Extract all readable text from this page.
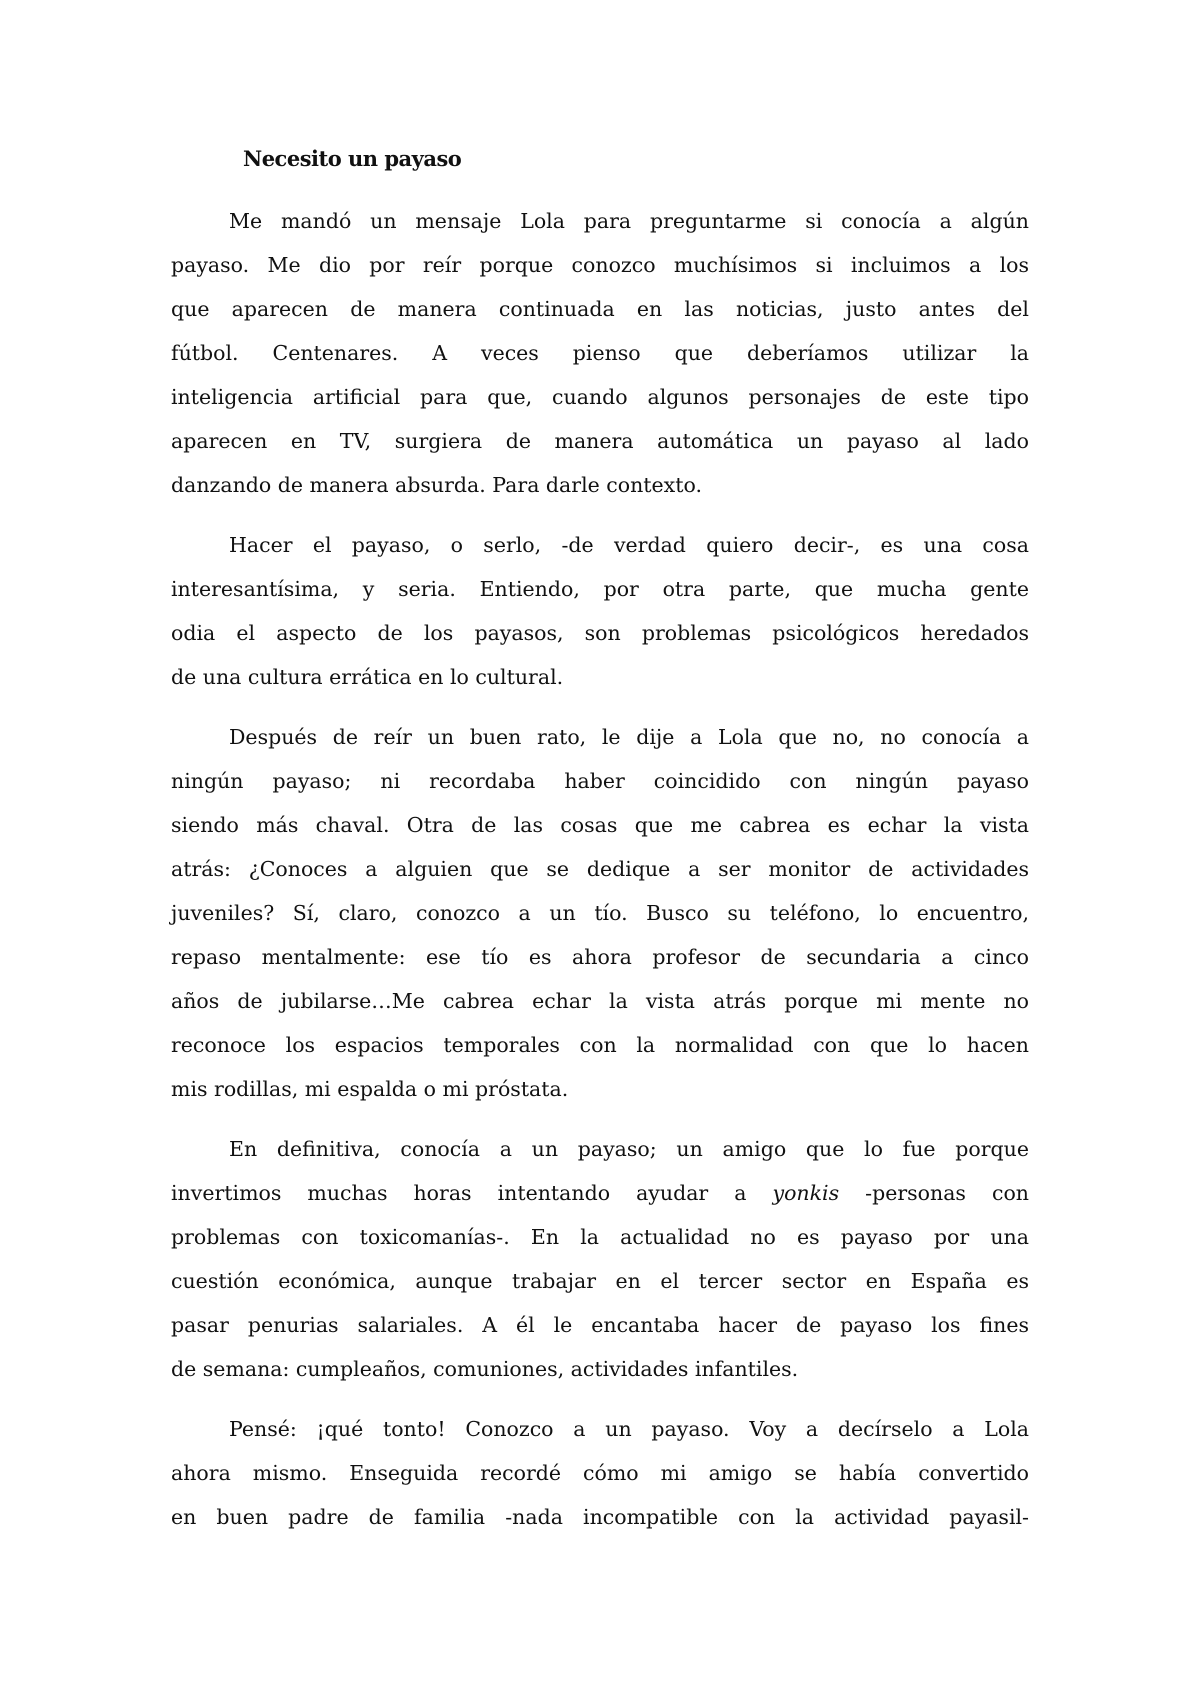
Necesito un payaso
Me mandó un mensaje Lola para preguntarme si conocía a algún
payaso. Me dio por reír porque conozco muchísimos si incluimos a los
que aparecen de manera continuada en las noticias, justo antes del
fútbol. Centenares. A veces pienso que deberíamos utilizar la
inteligencia artificial para que, cuando algunos personajes de este tipo
aparecen en TV, surgiera de manera automática un payaso al lado
danzando de manera absurda. Para darle contexto.
Hacer el payaso, o serlo, -de verdad quiero decir-, es una cosa
interesantísima, y seria. Entiendo, por otra parte, que mucha gente
odia el aspecto de los payasos, son problemas psicológicos heredados
de una cultura errática en lo cultural.
Después de reír un buen rato, le dije a Lola que no, no conocía a
ningún payaso; ni recordaba haber coincidido con ningún payaso
siendo más chaval. Otra de las cosas que me cabrea es echar la vista
atrás: ¿Conoces a alguien que se dedique a ser monitor de actividades
juveniles? Sí, claro, conozco a un tío. Busco su teléfono, lo encuentro,
repaso mentalmente: ese tío es ahora profesor de secundaria a cinco
años de jubilarse…Me cabrea echar la vista atrás porque mi mente no
reconoce los espacios temporales con la normalidad con que lo hacen
mis rodillas, mi espalda o mi próstata.
En definitiva, conocía a un payaso; un amigo que lo fue porque
invertimos muchas horas intentando ayudar a yonkis -personas con
problemas con toxicomanías-. En la actualidad no es payaso por una
cuestión económica, aunque trabajar en el tercer sector en España es
pasar penurias salariales. A él le encantaba hacer de payaso los fines
de semana: cumpleaños, comuniones, actividades infantiles.
Pensé: ¡qué tonto! Conozco a un payaso. Voy a decírselo a Lola
ahora mismo. Enseguida recordé cómo mi amigo se había convertido
en buen padre de familia -nada incompatible con la actividad payasil-
